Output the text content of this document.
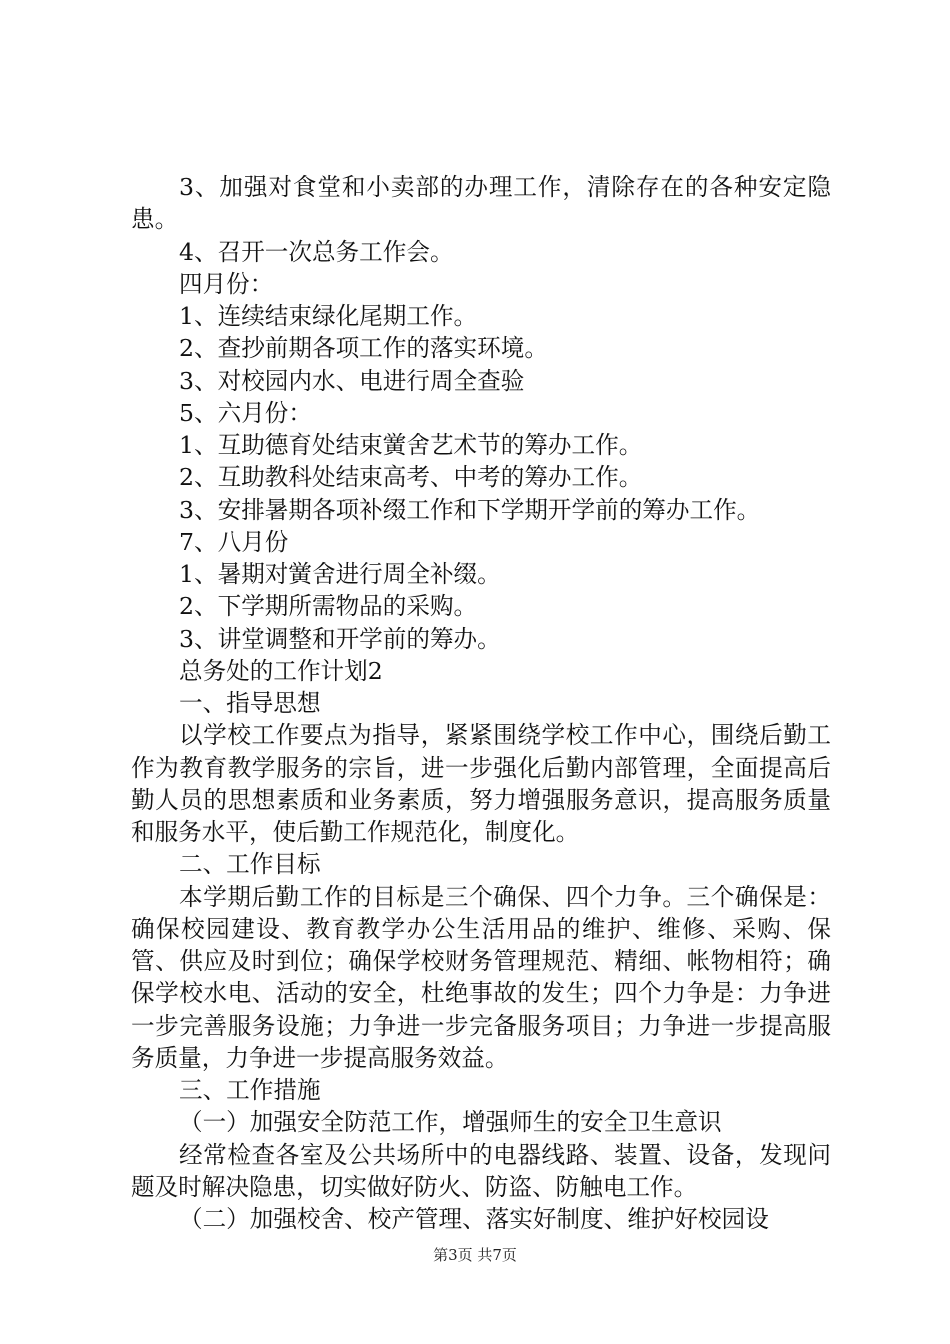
3、加强对食堂和小卖部的办理工作，清除存在的各种安定隐患。

4、召开一次总务工作会。

四月份：

1、连续结束绿化尾期工作。

2、查抄前期各项工作的落实环境。

3、对校园内水、电进行周全查验

5、六月份：

1、互助德育处结束黉舍艺术节的筹办工作。

2、互助教科处结束高考、中考的筹办工作。

3、安排暑期各项补缀工作和下学期开学前的筹办工作。

7、八月份

1、暑期对黉舍进行周全补缀。

2、下学期所需物品的采购。

3、讲堂调整和开学前的筹办。

总务处的工作计划2

一、指导思想

以学校工作要点为指导，紧紧围绕学校工作中心，围绕后勤工作为教育教学服务的宗旨，进一步强化后勤内部管理，全面提高后勤人员的思想素质和业务素质，努力增强服务意识，提高服务质量和服务水平，使后勤工作规范化，制度化。

二、工作目标

本学期后勤工作的目标是三个确保、四个力争。三个确保是：确保校园建设、教育教学办公生活用品的维护、维修、采购、保管、供应及时到位；确保学校财务管理规范、精细、帐物相符；确保学校水电、活动的安全，杜绝事故的发生；四个力争是：力争进一步完善服务设施；力争进一步完备服务项目；力争进一步提高服务质量，力争进一步提高服务效益。

三、工作措施

（一）加强安全防范工作，增强师生的安全卫生意识

经常检查各室及公共场所中的电器线路、装置、设备，发现问题及时解决隐患，切实做好防火、防盗、防触电工作。

（二）加强校舍、校产管理、落实好制度、维护好校园设

第3页 共7页
